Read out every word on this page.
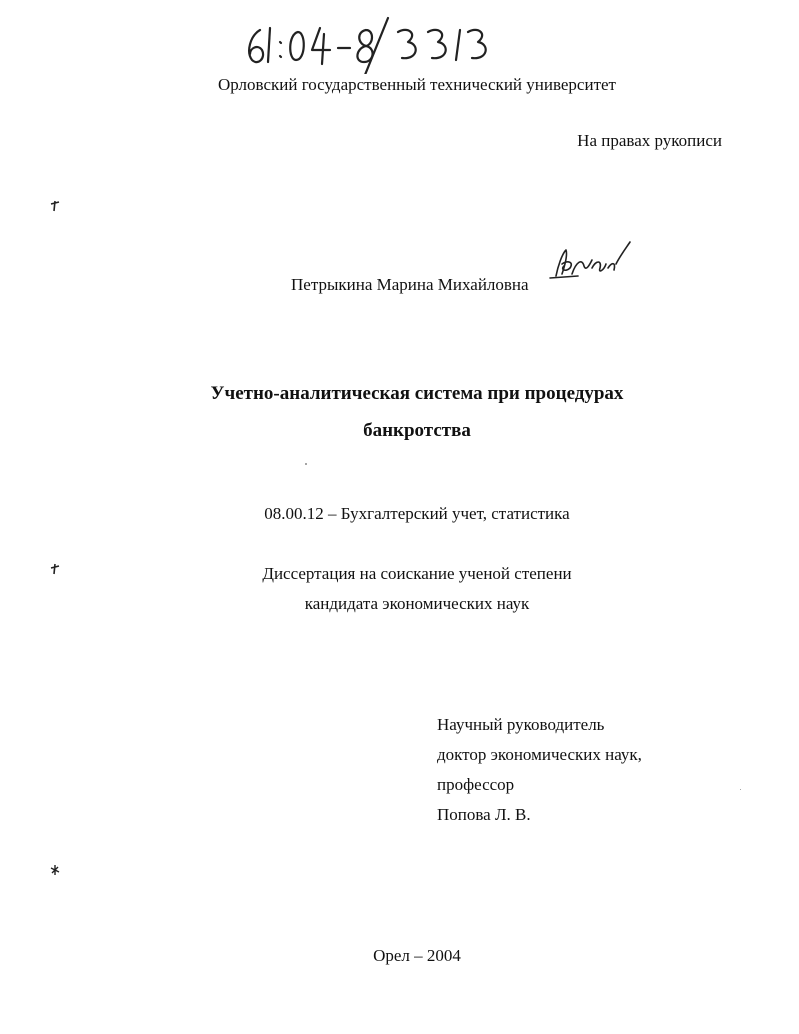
Орловский государственный технический университет
На правах рукописи
Петрыкина Марина Михайловна
Учетно-аналитическая система при процедурах
банкротства
08.00.12 – Бухгалтерский учет, статистика
Диссертация на соискание ученой степени
кандидата экономических наук
Научный руководитель
доктор экономических наук,
профессор
Попова Л. В.
Орел – 2004
